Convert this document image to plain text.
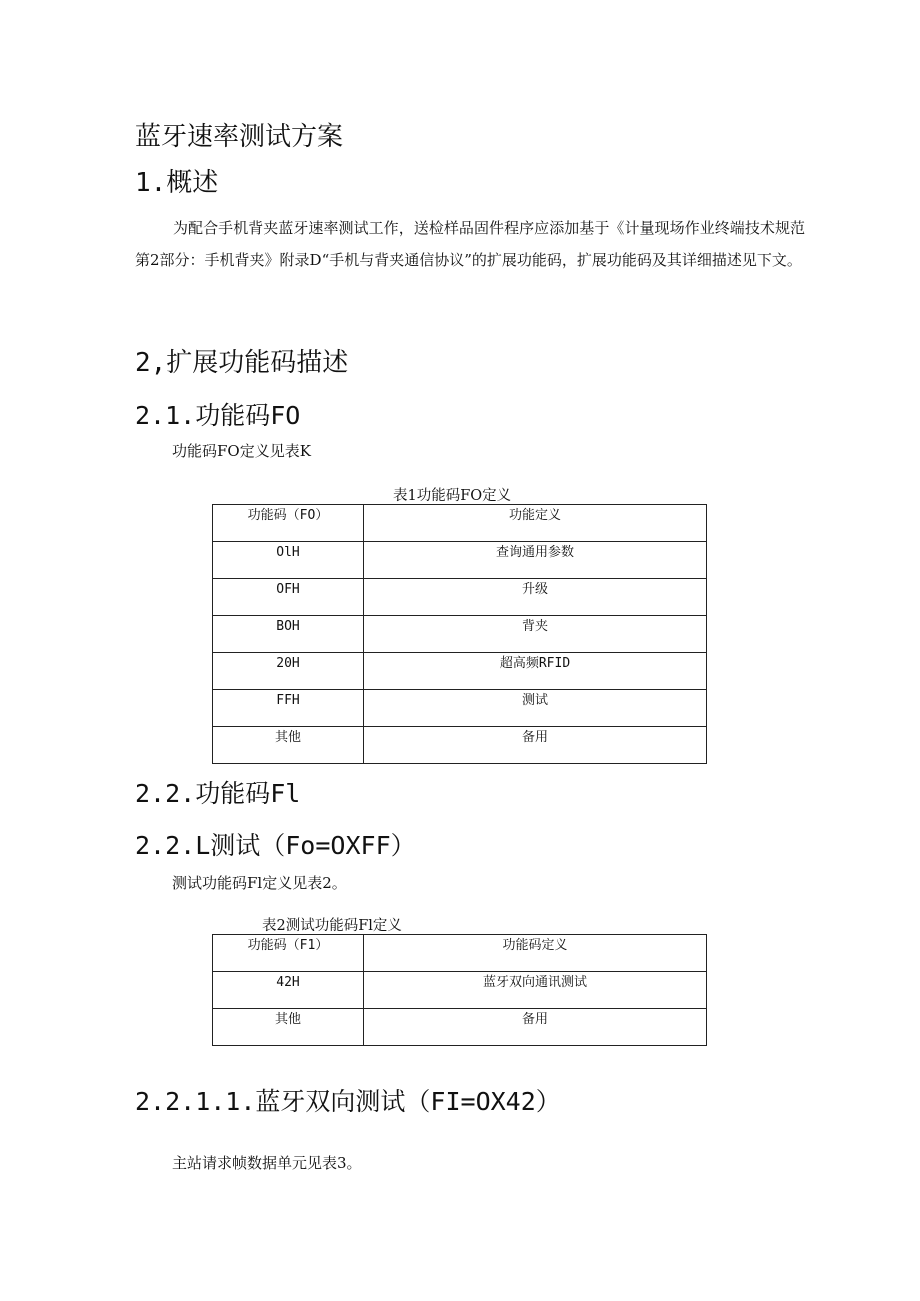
蓝牙速率测试方案
1.概述
为配合手机背夹蓝牙速率测试工作，送检样品固件程序应添加基于《计量现场作业终端技术规范第2部分：手机背夹》附录D“手机与背夹通信协议”的扩展功能码，扩展功能码及其详细描述见下文。
2,扩展功能码描述
2.1.功能码FO
功能码FO定义见表K
表1功能码FO定义
功能码（FO）	功能定义
OlH	查询通用参数
OFH	升级
BOH	背夹
20H	超高频RFID
FFH	测试
其他	备用
2.2.功能码Fl
2.2.L测试（Fo=OXFF）
测试功能码Fl定义见表2。
表2测试功能码Fl定义
功能码（F1）	功能码定义
42H	蓝牙双向通讯测试
其他	备用
2.2.1.1.蓝牙双向测试（FI=OX42）
主站请求帧数据单元见表3。
